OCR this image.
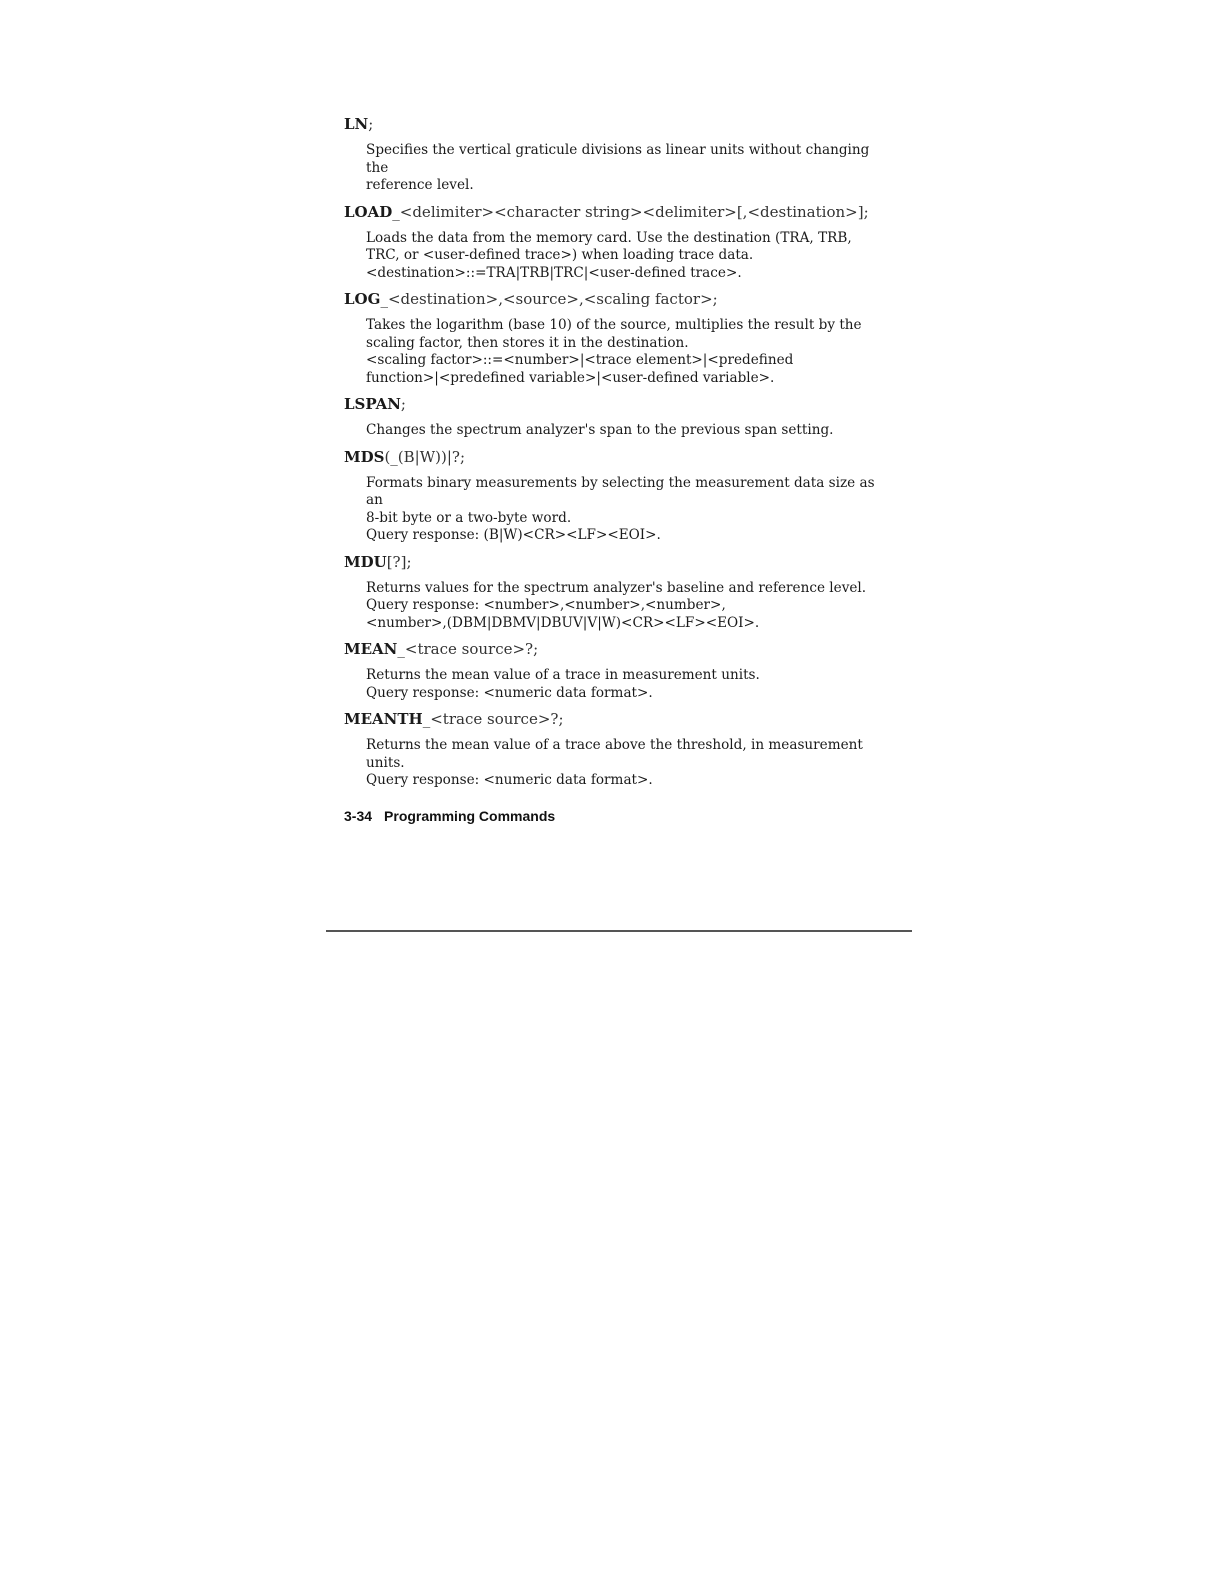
LN;

Specifies the vertical graticule divisions as linear units without changing the

reference level.

LOAD_<delimiter><character string><delimiter>[,<destination>];

Loads the data from the memory card. Use the destination (TRA, TRB,

TRC, or <user-defined trace>) when loading trace data.

<destination>::=TRA|TRB|TRC|<user-defined trace>.

LOG_<destination>,<source>,<scaling factor>;

Takes the logarithm (base 10) of the source, multiplies the result by the

scaling factor, then stores it in the destination.

<scaling factor>::=<number>|<trace element>|<predefined

function>|<predefined variable>|<user-defined variable>.

LSPAN;

Changes the spectrum analyzer's span to the previous span setting.

MDS(_(B|W))|?;

Formats binary measurements by selecting the measurement data size as an

8-bit byte or a two-byte word.

Query response: (B|W)<CR><LF><EOI>.

MDU[?];

Returns values for the spectrum analyzer's baseline and reference level.

Query response: <number>,<number>,<number>,

<number>,(DBM|DBMV|DBUV|V|W)<CR><LF><EOI>.

MEAN_<trace source>?;

Returns the mean value of a trace in measurement units.

Query response: <numeric data format>.

MEANTH_<trace source>?;

Returns the mean value of a trace above the threshold, in measurement

units.

Query response: <numeric data format>.

3-34 Programming Commands
